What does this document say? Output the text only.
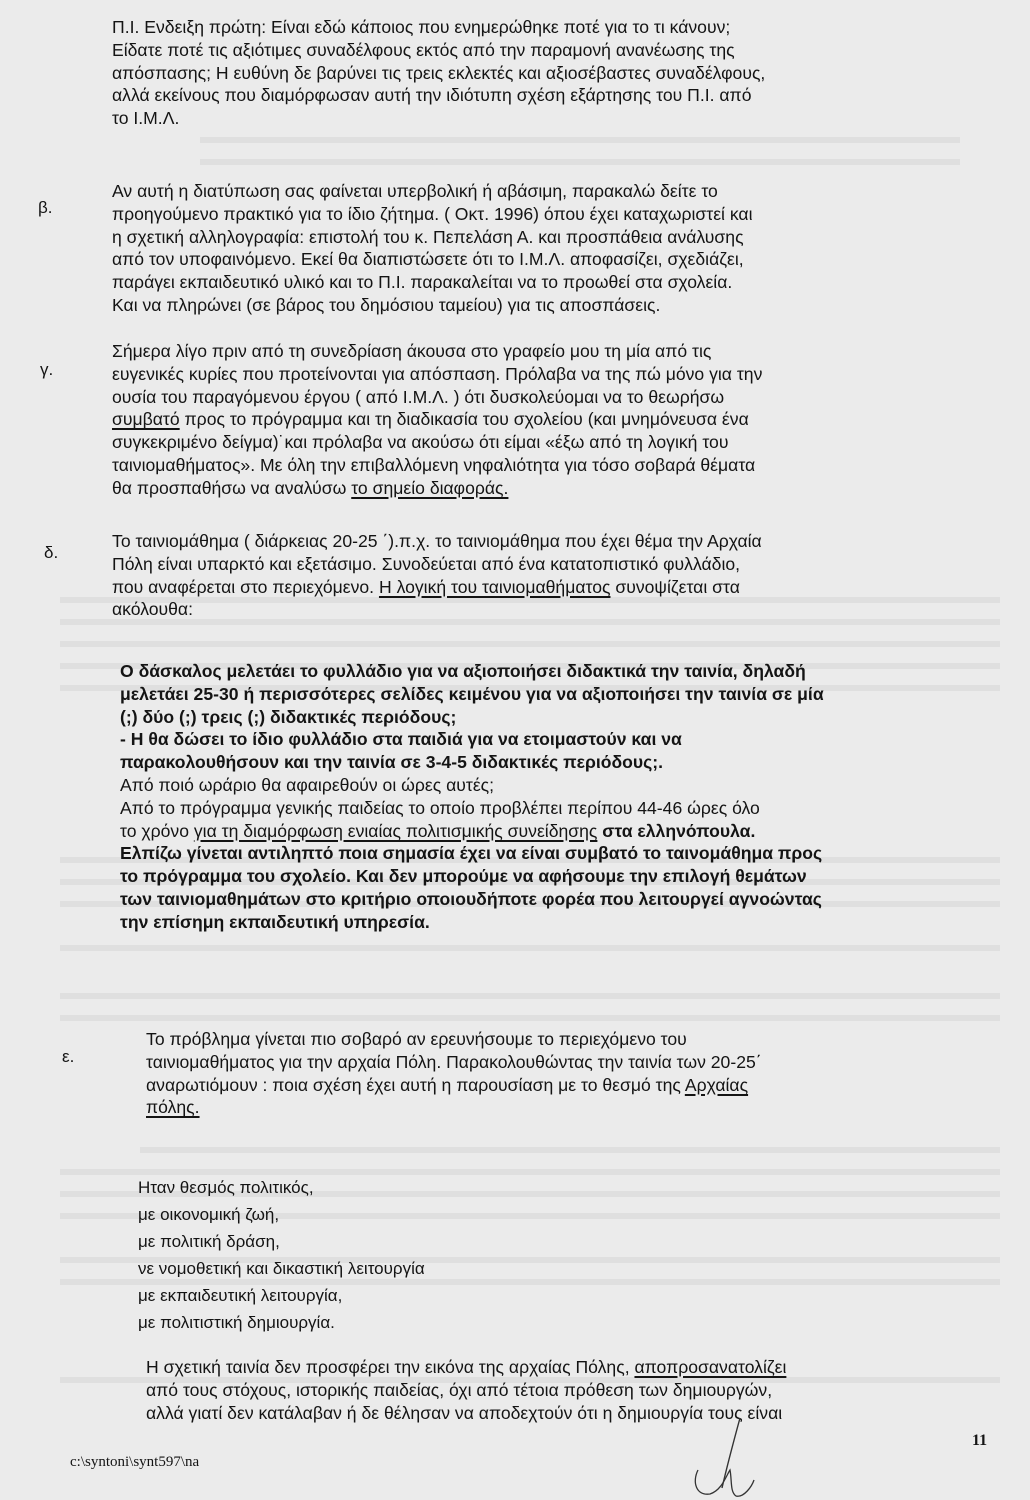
Π.Ι. Ενδειξη πρώτη: Είναι εδώ κάποιος που ενημερώθηκε ποτέ για το τι κάνουν;
Είδατε ποτέ τις αξιότιμες συναδέλφους εκτός από την παραμονή ανανέωσης της
απόσπασης; Η ευθύνη δε βαρύνει τις τρεις εκλεκτές και αξιοσέβαστες συναδέλφους,
αλλά εκείνους που διαμόρφωσαν αυτή την ιδιότυπη σχέση εξάρτησης του Π.Ι. από
το Ι.Μ.Λ.
β.
Αν αυτή η διατύπωση σας φαίνεται υπερβολική ή αβάσιμη, παρακαλώ δείτε το
προηγούμενο πρακτικό για το ίδιο ζήτημα. ( Οκτ. 1996) όπου έχει καταχωριστεί και
η σχετική αλληλογραφία: επιστολή του κ. Πεπελάση Α. και προσπάθεια ανάλυσης
από τον υποφαινόμενο. Εκεί θα διαπιστώσετε ότι το Ι.Μ.Λ. αποφασίζει, σχεδιάζει,
παράγει εκπαιδευτικό υλικό και το Π.Ι. παρακαλείται να το προωθεί στα σχολεία.
Και να πληρώνει (σε βάρος του δημόσιου ταμείου) για τις αποσπάσεις.
γ.
Σήμερα λίγο πριν από τη συνεδρίαση άκουσα στο γραφείο μου τη μία από τις
ευγενικές κυρίες που προτείνονται για απόσπαση. Πρόλαβα να της πώ μόνο για την
ουσία του παραγόμενου έργου ( από Ι.Μ.Λ. ) ότι δυσκολεύομαι να το θεωρήσω
συμβατό προς το πρόγραμμα και τη διαδικασία του σχολείου (και μνημόνευσα ένα
συγκεκριμένο δείγμα)˙και πρόλαβα να ακούσω ότι είμαι «έξω από τη λογική του
ταινιομαθήματος». Με όλη την επιβαλλόμενη νηφαλιότητα για τόσο σοβαρά θέματα
θα προσπαθήσω να αναλύσω το σημείο διαφοράς.
δ.
Το ταινιομάθημα ( διάρκειας 20-25 ΄).π.χ. το ταινιομάθημα που έχει θέμα την Αρχαία
Πόλη είναι υπαρκτό και εξετάσιμο. Συνοδεύεται από ένα κατατοπιστικό φυλλάδιο,
που αναφέρεται στο περιεχόμενο. Η λογική του ταινιομαθήματος συνοψίζεται στα
ακόλουθα:
Ο δάσκαλος μελετάει το φυλλάδιο για να αξιοποιήσει διδακτικά την ταινία, δηλαδή
μελετάει 25-30 ή περισσότερες σελίδες κειμένου για να αξιοποιήσει την ταινία σε μία
(;) δύο (;) τρεις (;) διδακτικές περιόδους;
- Η θα δώσει το ίδιο φυλλάδιο στα παιδιά για να ετοιμαστούν και να
παρακολουθήσουν και την ταινία σε 3-4-5 διδακτικές περιόδους;.
Από ποιό ωράριο θα αφαιρεθούν οι ώρες αυτές;
Από το πρόγραμμα γενικής παιδείας το οποίο προβλέπει περίπου 44-46 ώρες όλο
το χρόνο για τη διαμόρφωση ενιαίας πολιτισμικής συνείδησης στα ελληνόπουλα.
Ελπίζω γίνεται αντιληπτό ποια σημασία έχει να είναι συμβατό το ταινομάθημα προς
το πρόγραμμα του σχολείο. Και δεν μπορούμε να αφήσουμε την επιλογή θεμάτων
των ταινιομαθημάτων στο κριτήριο οποιουδήποτε φορέα που λειτουργεί αγνοώντας
την επίσημη εκπαιδευτική υπηρεσία.
ε.
Το πρόβλημα γίνεται πιο σοβαρό αν ερευνήσουμε το περιεχόμενο του
ταινιομαθήματος για την αρχαία Πόλη. Παρακολουθώντας την ταινία των 20-25΄
αναρωτιόμουν : ποια σχέση έχει αυτή η παρουσίαση με το θεσμό της Αρχαίας
πόλης.
Ηταν θεσμός πολιτικός,
με οικονομική ζωή,
με πολιτική δράση,
νε νομοθετική και δικαστική λειτουργία
με εκπαιδευτική λειτουργία,
με πολιτιστική δημιουργία.
Η σχετική ταινία δεν προσφέρει την εικόνα της αρχαίας Πόλης, αποπροσανατολίζει
από τους στόχους, ιστορικής παιδείας, όχι από τέτοια πρόθεση των δημιουργών,
αλλά γιατί δεν κατάλαβαν ή δε θέλησαν να αποδεχτούν ότι η δημιουργία τους είναι
c:\syntoni\synt597\na
11
